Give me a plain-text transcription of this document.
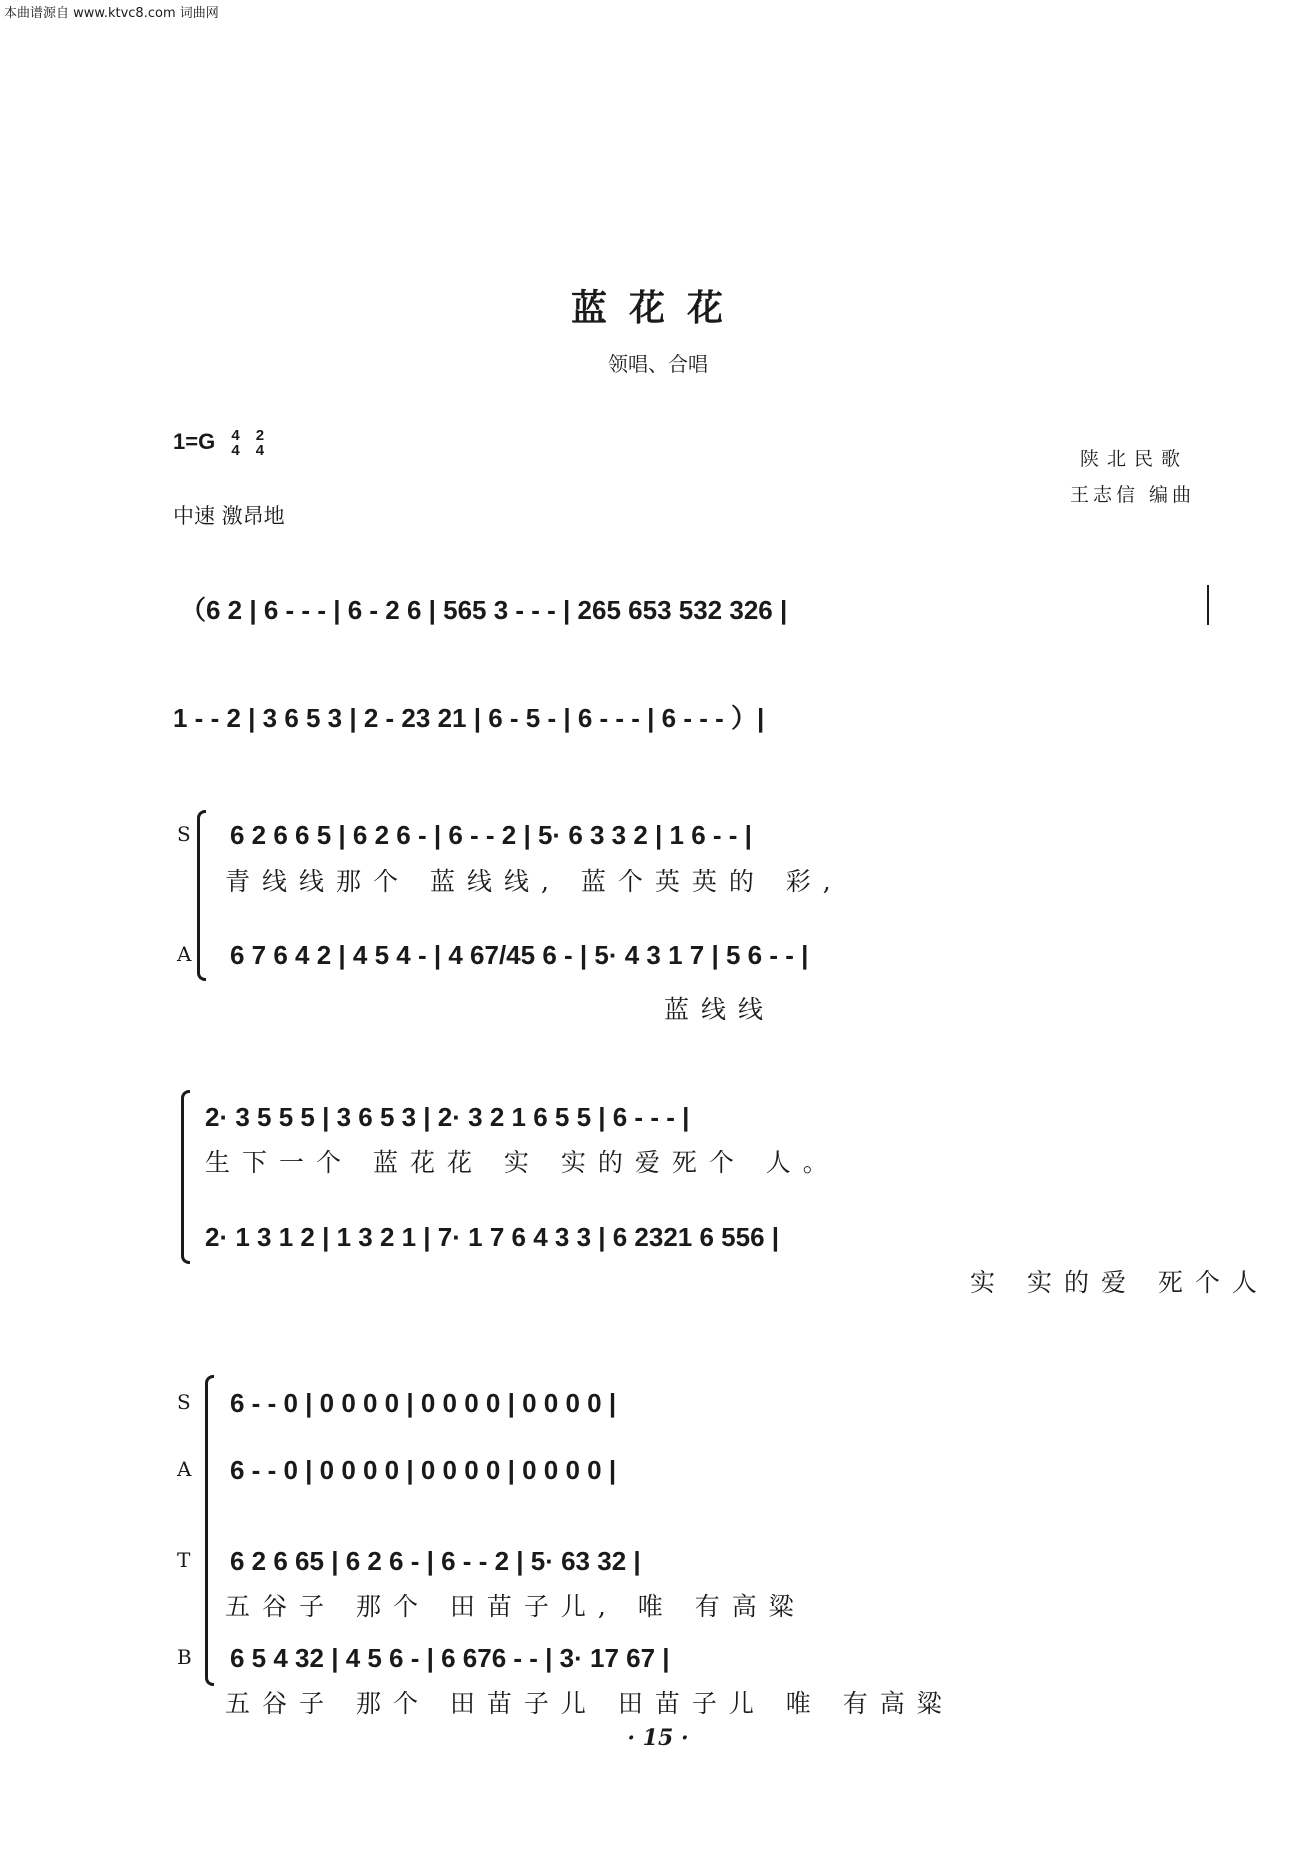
本曲谱源自 www.ktvc8.com 词曲网
蓝花花
领唱、合唱
1=G 4
4

2
4
中速 激昂地
陕北民歌
王志信 编曲
（6 2 | 6 - - - | 6 - 2 6 | 565 3 - - - | 265 653 532 326 |
1 - - 2 | 3 6 5 3 | 2 - 23 21 | 6 - 5 - | 6 - - - | 6 - - - ）|
S 6 2 6 6 5 | 6 2 6 - | 6 - - 2 | 5· 6 3 3 2 | 1 6 - - |
青线线那个 蓝线线, 蓝个英英的 彩,
A 6 7 6 4 2 | 4 5 4 - | 4 67/45 6 - | 5· 4 3 1 7 | 5 6 - - |
蓝线线
2· 3 5 5 5 | 3 6 5 3 | 2· 3 2 1 6 5 5 | 6 - - - |
生下一个 蓝花花 实 实的爱死个 人。
2· 1 3 1 2 | 1 3 2 1 | 7· 1 7 6 4 3 3 | 6 2321 6 556 |
实 实的爱 死个人
S 6 - - 0 | 0 0 0 0 | 0 0 0 0 | 0 0 0 0 |
A 6 - - 0 | 0 0 0 0 | 0 0 0 0 | 0 0 0 0 |
T 6 2 6 65 | 6 2 6 - | 6 - - 2 | 5· 63 32 |
五谷子 那个 田苗子儿, 唯 有高粱
B 6 5 4 32 | 4 5 6 - | 6 676 - - | 3· 17 67 |
五谷子 那个 田苗子儿 田苗子儿 唯 有高粱
· 15 ·
